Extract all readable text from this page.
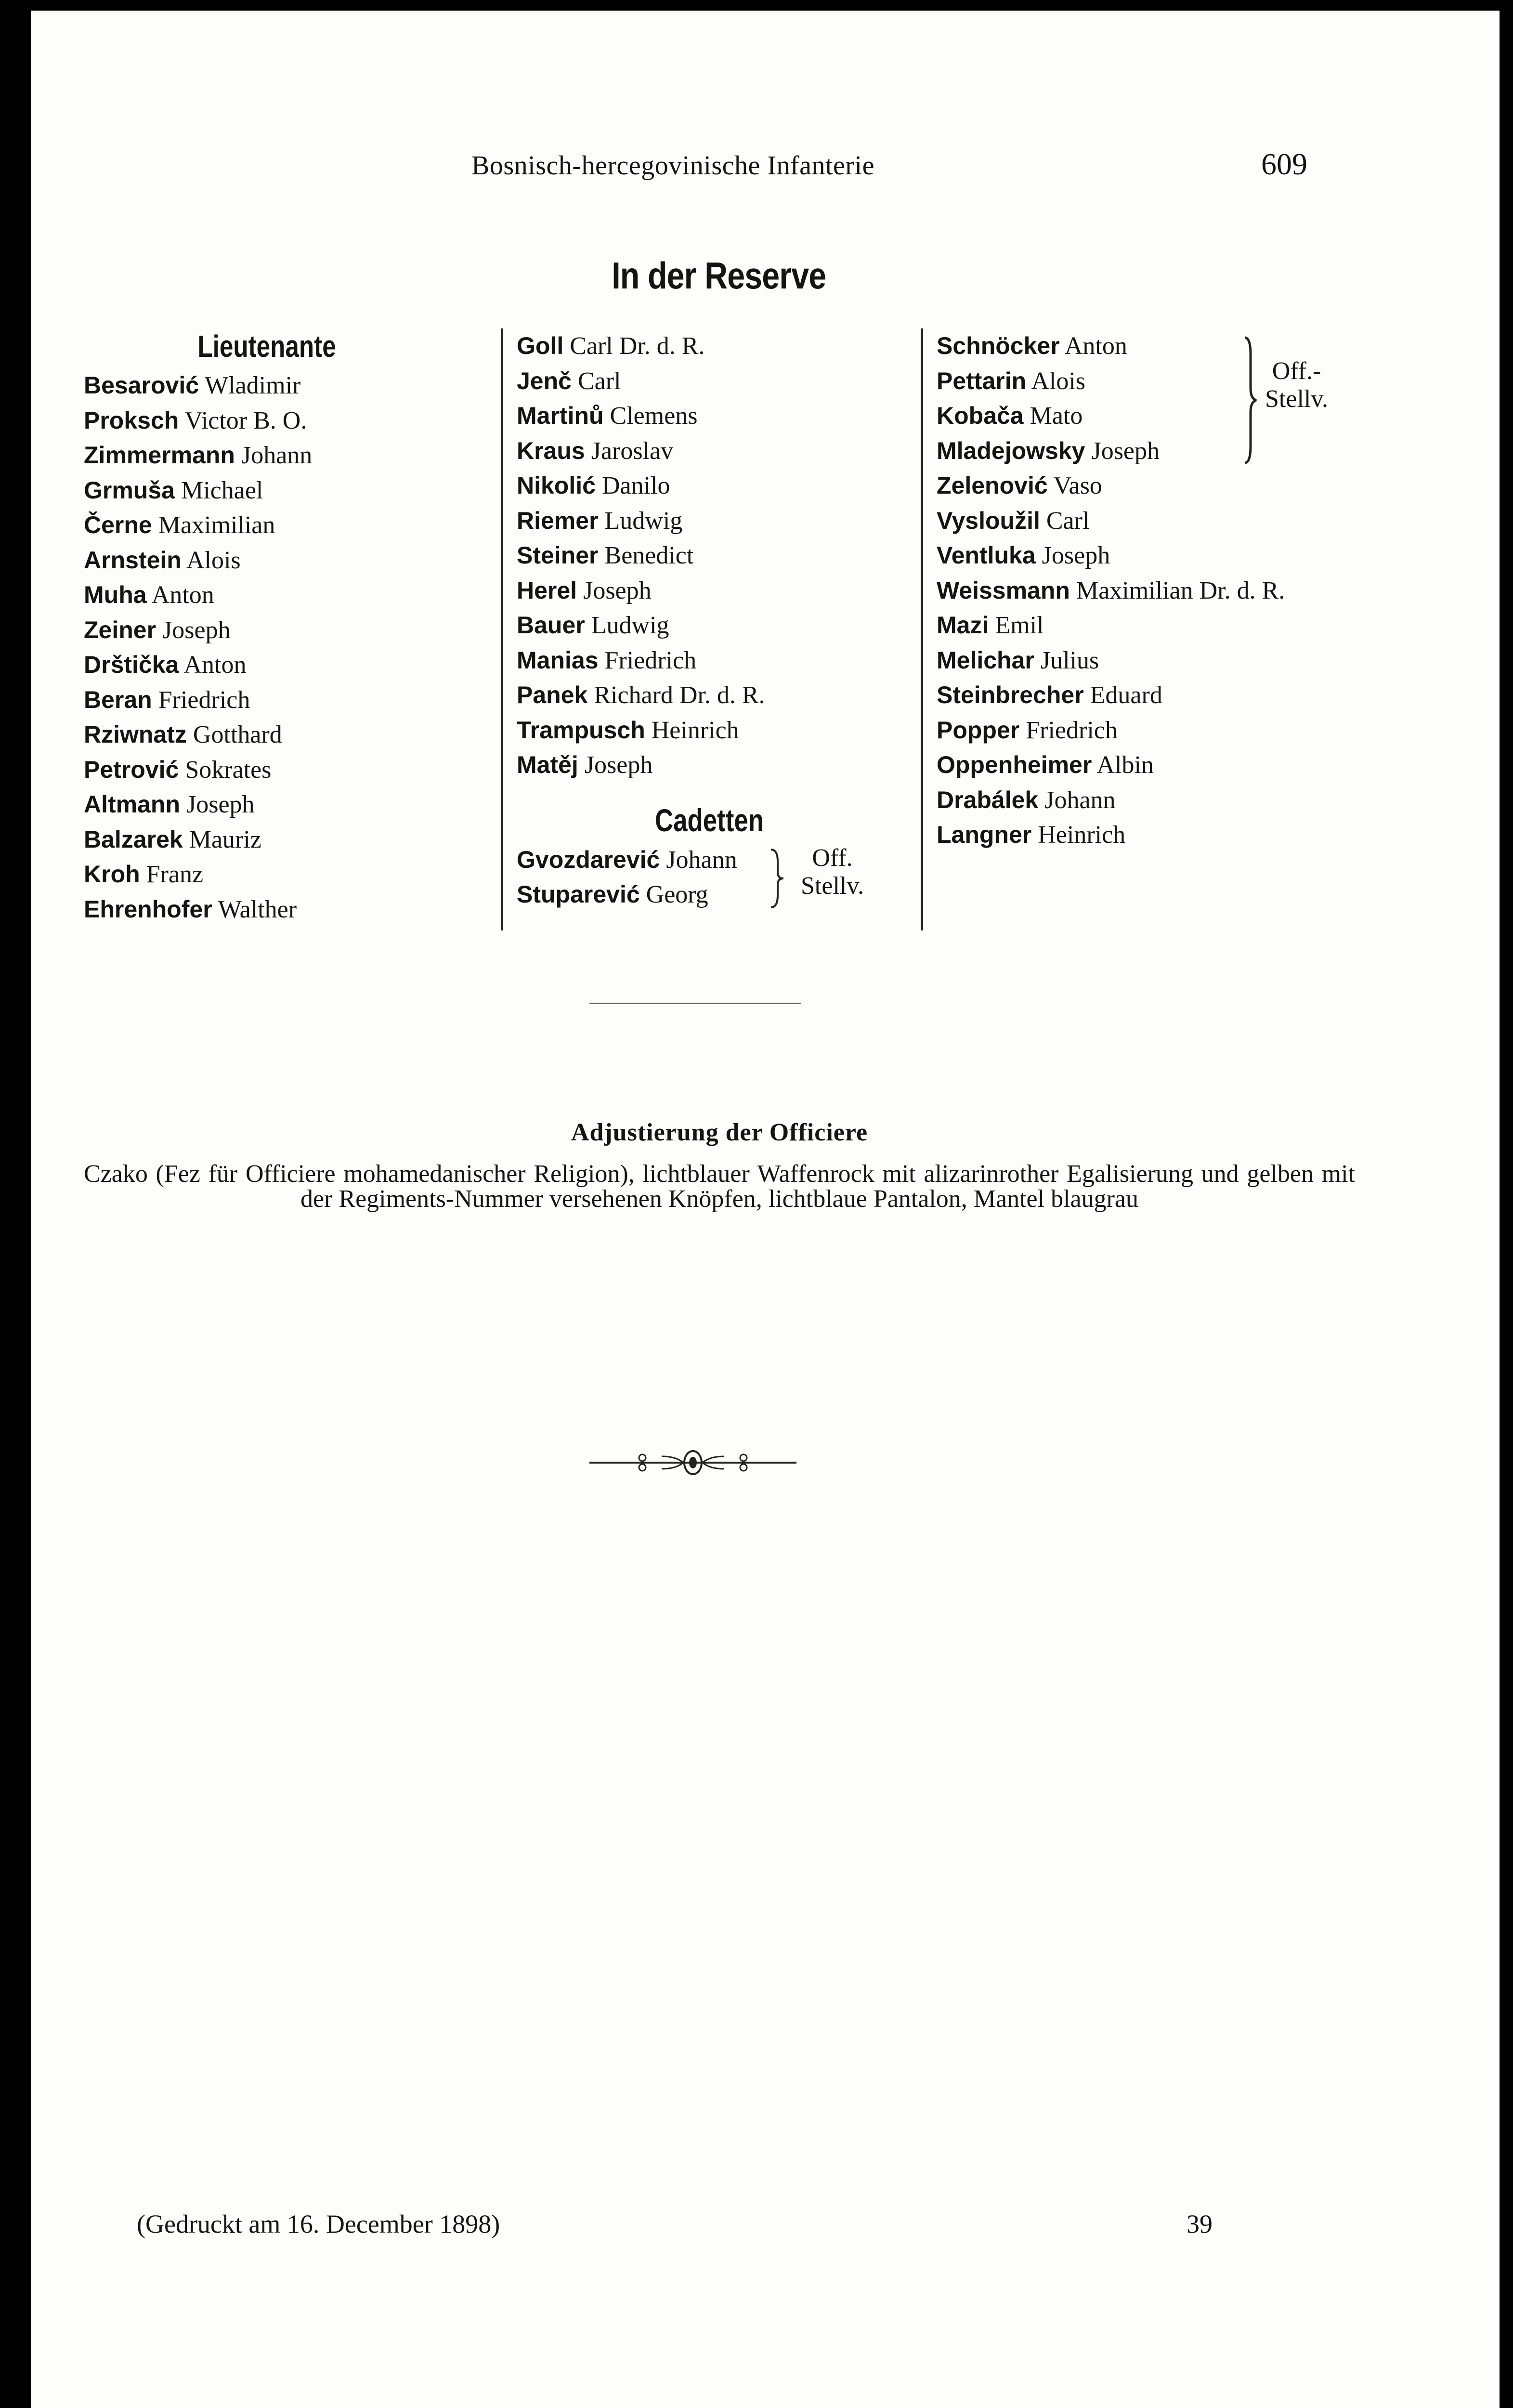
Bosnisch-hercegovinische Infanterie	609
In der Reserve
Lieutenante
Besarović Wladimir
Proksch Victor B. O.
Zimmermann Johann
Grmuša Michael
Černe Maximilian
Arnstein Alois
Muha Anton
Zeiner Joseph
Drštička Anton
Beran Friedrich
Rziwnatz Gotthard
Petrović Sokrates
Altmann Joseph
Balzarek Mauriz
Kroh Franz
Ehrenhofer Walther
Goll Carl Dr. d. R.
Jenč Carl
Martinů Clemens
Kraus Jaroslav
Nikolić Danilo
Riemer Ludwig
Steiner Benedict
Herel Joseph
Bauer Ludwig
Manias Friedrich
Panek Richard Dr. d. R.
Trampusch Heinrich
Matěj Joseph
Cadetten
Gvozdarević Johann
Stuparević Georg
Off.
Stellv.
Schnöcker Anton
Pettarin Alois
Kobača Mato
Mladejowsky Joseph
Zelenović Vaso
Vysloužil Carl
Ventluka Joseph
Weissmann Maximilian Dr. d. R.
Mazi Emil
Melichar Julius
Steinbrecher Eduard
Popper Friedrich
Oppenheimer Albin
Drabálek Johann
Langner Heinrich
Off.-
Stellv.
Adjustierung der Officiere
Czako (Fez für Officiere mohamedanischer Religion), lichtblauer Waffenrock mit alizarinrother Egalisierung und gelben mit der Regiments-Nummer versehenen Knöpfen, lichtblaue Pantalon, Mantel blaugrau
(Gedruckt am 16. December 1898)	39
